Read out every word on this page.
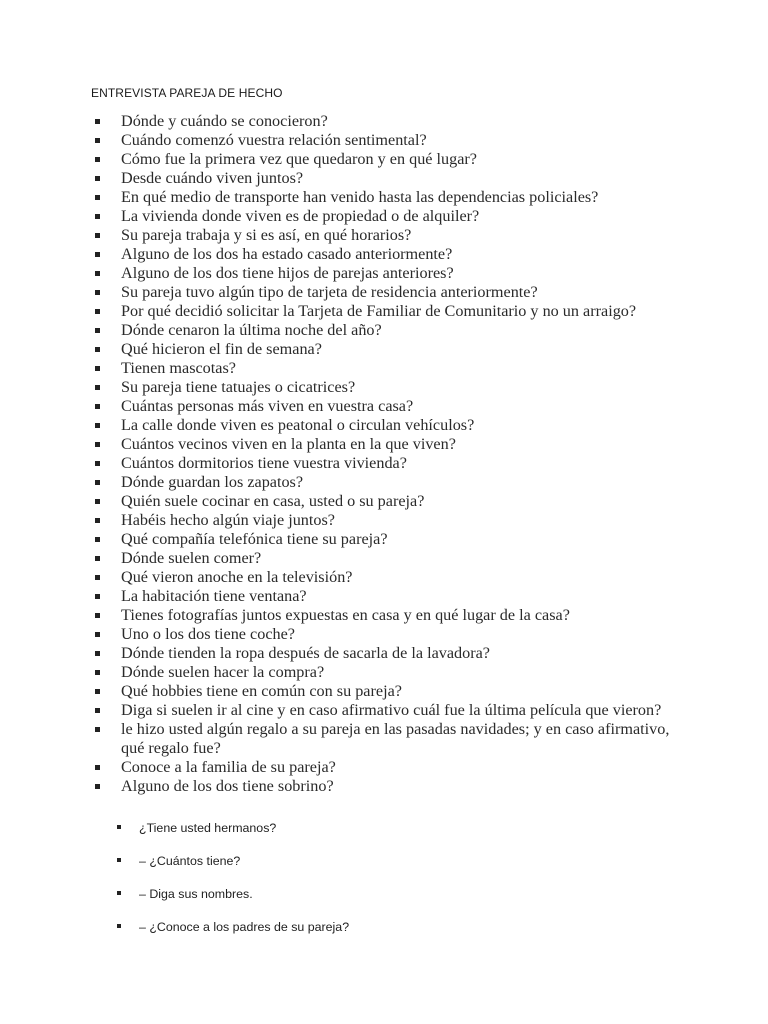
ENTREVISTA PAREJA DE HECHO
Dónde y cuándo se conocieron?
Cuándo comenzó vuestra relación sentimental?
Cómo fue la primera vez que quedaron y en qué lugar?
Desde cuándo viven juntos?
En qué medio de transporte han venido hasta las dependencias policiales?
La vivienda donde viven es de propiedad o de alquiler?
Su pareja trabaja y si es así, en qué horarios?
Alguno de los dos ha estado casado anteriormente?
Alguno de los dos tiene hijos de parejas anteriores?
Su pareja tuvo algún tipo de tarjeta de residencia anteriormente?
Por qué decidió solicitar la Tarjeta de Familiar de Comunitario y no un arraigo?
Dónde cenaron la última noche del año?
Qué hicieron el fin de semana?
Tienen mascotas?
Su pareja tiene tatuajes o cicatrices?
Cuántas personas más viven en vuestra casa?
La calle donde viven es peatonal o circulan vehículos?
Cuántos vecinos viven en la planta en la que viven?
Cuántos dormitorios tiene vuestra vivienda?
Dónde guardan los zapatos?
Quién suele cocinar en casa, usted o su pareja?
Habéis hecho algún viaje juntos?
Qué compañía telefónica tiene su pareja?
Dónde suelen comer?
Qué vieron anoche en la televisión?
La habitación tiene ventana?
Tienes fotografías juntos expuestas en casa y en qué lugar de la casa?
Uno o los dos tiene coche?
Dónde tienden la ropa después de sacarla de la lavadora?
Dónde suelen hacer la compra?
Qué hobbies tiene en común con su pareja?
Diga si suelen ir al cine y en caso afirmativo cuál fue la última película que vieron?
le hizo usted algún regalo a su pareja en las pasadas navidades; y en caso afirmativo, qué regalo fue?
Conoce a la familia de su pareja?
Alguno de los dos tiene sobrino?
¿Tiene usted hermanos?
– ¿Cuántos tiene?
– Diga sus nombres.
– ¿Conoce a los padres de su pareja?
